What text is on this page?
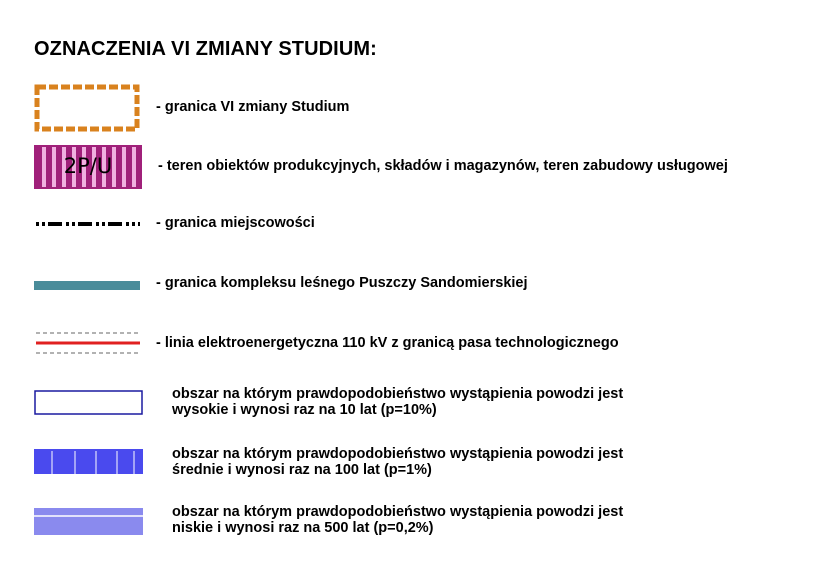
OZNACZENIA VI ZMIANY STUDIUM:
- granica VI zmiany Studium
2P/U	- teren obiektów produkcyjnych, składów i magazynów, teren zabudowy usługowej
- granica miejscowości
- granica kompleksu leśnego Puszczy Sandomierskiej
- linia elektroenergetyczna 110 kV z granicą pasa technologicznego
obszar na którym prawdopodobieństwo wystąpienia powodzi jest
wysokie i wynosi raz na 10 lat (p=10%)
obszar na którym prawdopodobieństwo wystąpienia powodzi jest
średnie i wynosi raz na 100 lat (p=1%)
obszar na którym prawdopodobieństwo wystąpienia powodzi jest
niskie i wynosi raz na 500 lat (p=0,2%)
